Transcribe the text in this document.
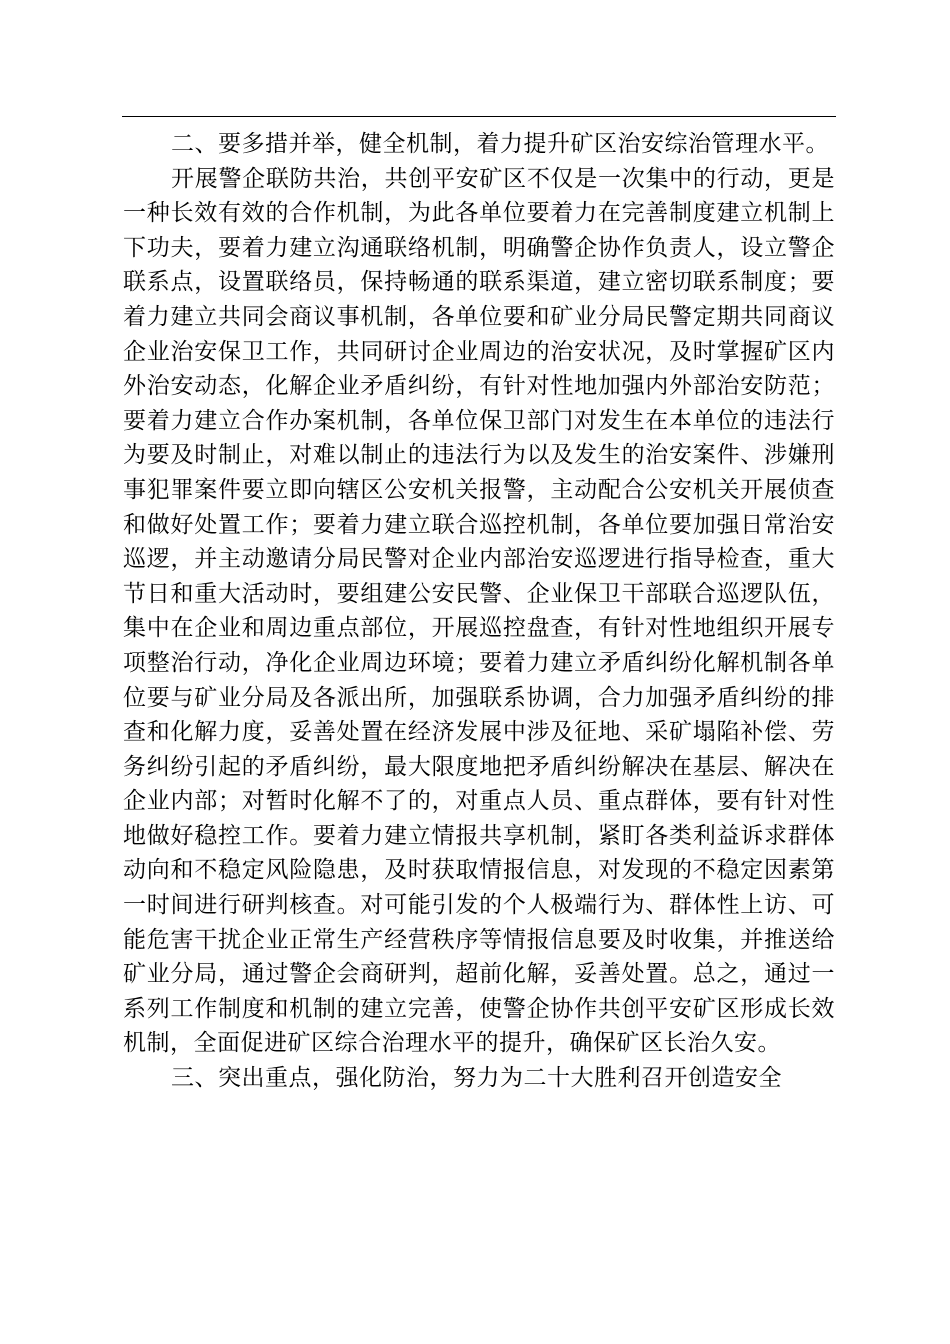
二、要多措并举，健全机制，着力提升矿区治安综治管理水平。

开展警企联防共治，共创平安矿区不仅是一次集中的行动，更是一种长效有效的合作机制，为此各单位要着力在完善制度建立机制上下功夫，要着力建立沟通联络机制，明确警企协作负责人，设立警企联系点，设置联络员，保持畅通的联系渠道，建立密切联系制度；要着力建立共同会商议事机制，各单位要和矿业分局民警定期共同商议企业治安保卫工作，共同研讨企业周边的治安状况，及时掌握矿区内外治安动态，化解企业矛盾纠纷，有针对性地加强内外部治安防范；要着力建立合作办案机制，各单位保卫部门对发生在本单位的违法行为要及时制止，对难以制止的违法行为以及发生的治安案件、涉嫌刑事犯罪案件要立即向辖区公安机关报警，主动配合公安机关开展侦查和做好处置工作；要着力建立联合巡控机制，各单位要加强日常治安巡逻，并主动邀请分局民警对企业内部治安巡逻进行指导检查，重大节日和重大活动时，要组建公安民警、企业保卫干部联合巡逻队伍，集中在企业和周边重点部位，开展巡控盘查，有针对性地组织开展专项整治行动，净化企业周边环境；要着力建立矛盾纠纷化解机制各单位要与矿业分局及各派出所，加强联系协调，合力加强矛盾纠纷的排查和化解力度，妥善处置在经济发展中涉及征地、采矿塌陷补偿、劳务纠纷引起的矛盾纠纷，最大限度地把矛盾纠纷解决在基层、解决在企业内部；对暂时化解不了的，对重点人员、重点群体，要有针对性地做好稳控工作。要着力建立情报共享机制，紧盯各类利益诉求群体动向和不稳定风险隐患，及时获取情报信息，对发现的不稳定因素第一时间进行研判核查。对可能引发的个人极端行为、群体性上访、可能危害干扰企业正常生产经营秩序等情报信息要及时收集，并推送给矿业分局，通过警企会商研判，超前化解，妥善处置。总之，通过一系列工作制度和机制的建立完善，使警企协作共创平安矿区形成长效机制，全面促进矿区综合治理水平的提升，确保矿区长治久安。

三、突出重点，强化防治，努力为二十大胜利召开创造安全
